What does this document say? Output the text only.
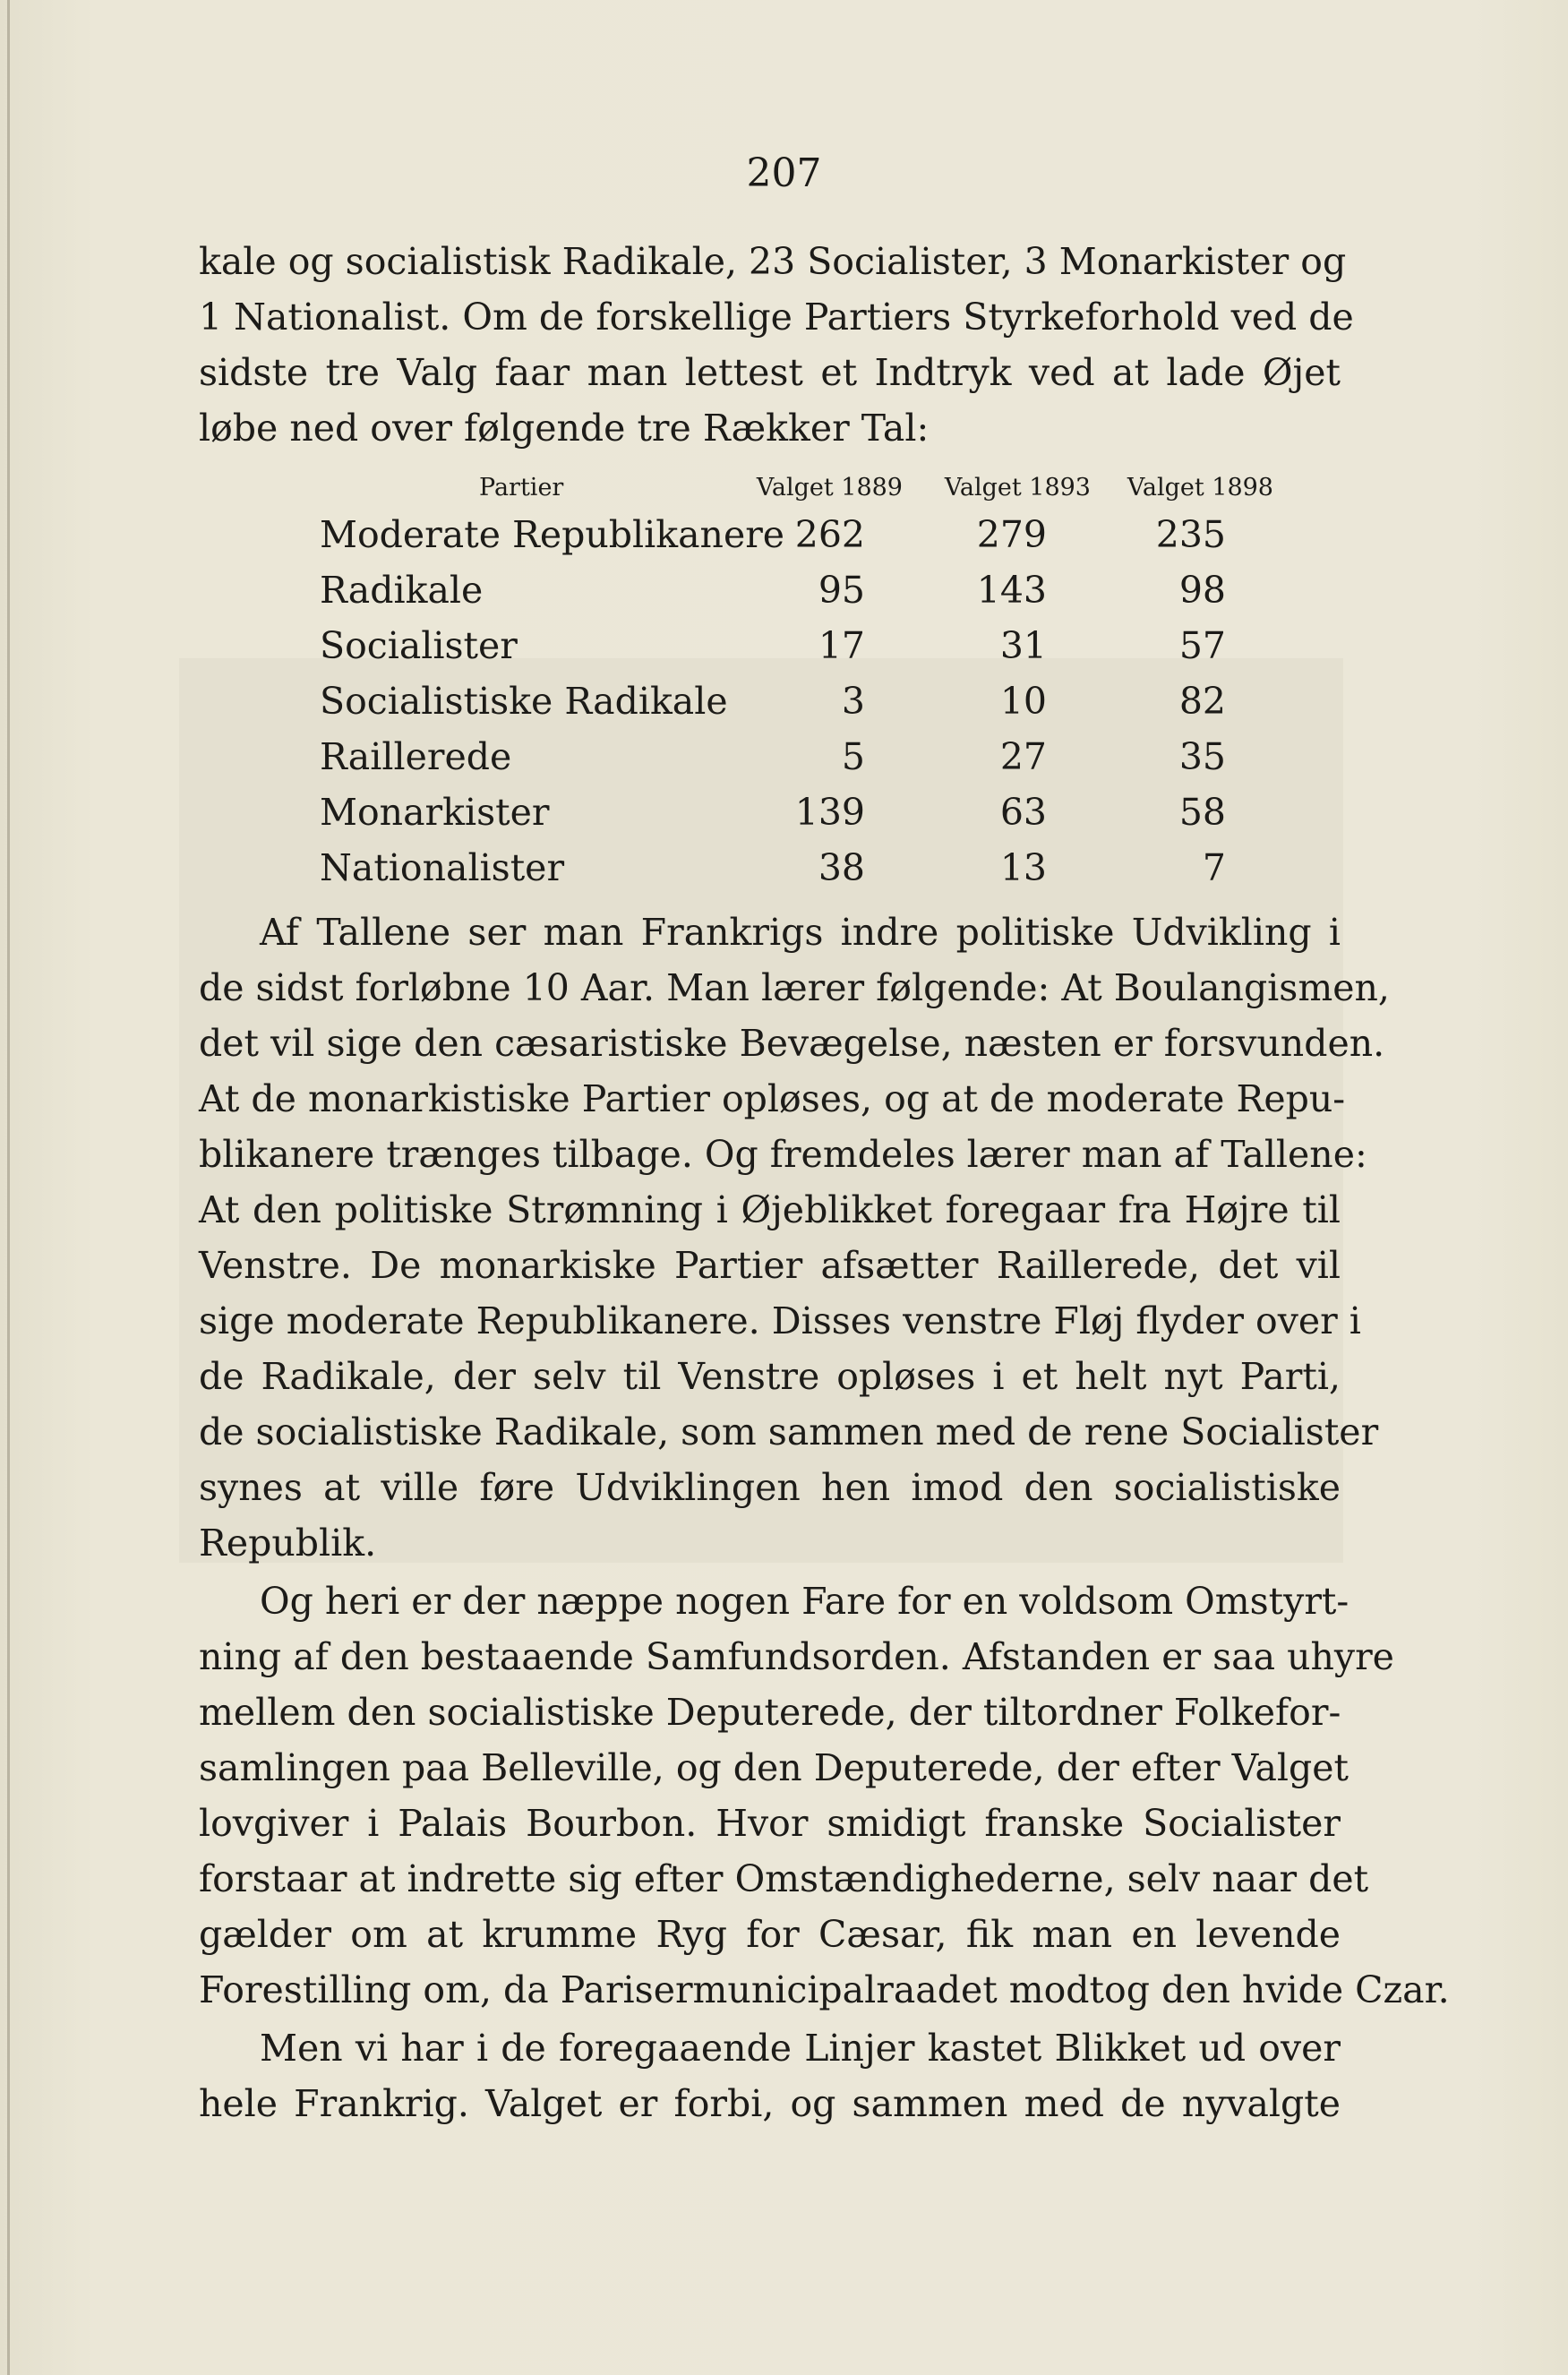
207
kale og socialistisk Radikale, 23 Socialister, 3 Monarkister og
1 Nationalist. Om de forskellige Partiers Styrkeforhold ved de
sidste tre Valg faar man lettest et Indtryk ved at lade Øjet
løbe ned over følgende tre Rækker Tal:
Partier	Valget 1889	Valget 1893	Valget 1898
Moderate Republikanere 262	279	235
Radikale	95	143	98
Socialister	17	31	57
Socialistiske Radikale	3	10	82
Raillerede	5	27	35
Monarkister	139	63	58
Nationalister	38	13	7
Af Tallene ser man Frankrigs indre politiske Udvikling i
de sidst forløbne 10 Aar. Man lærer følgende: At Boulangismen,
det vil sige den cæsaristiske Bevægelse, næsten er forsvunden.
At de monarkistiske Partier opløses, og at de moderate Repu-
blikanere trænges tilbage. Og fremdeles lærer man af Tallene:
At den politiske Strømning i Øjeblikket foregaar fra Højre til
Venstre. De monarkiske Partier afsætter Raillerede, det vil
sige moderate Republikanere. Disses venstre Fløj flyder over i
de Radikale, der selv til Venstre opløses i et helt nyt Parti,
de socialistiske Radikale, som sammen med de rene Socialister
synes at ville føre Udviklingen hen imod den socialistiske
Republik.
Og heri er der næppe nogen Fare for en voldsom Omstyrt-
ning af den bestaaende Samfundsorden. Afstanden er saa uhyre
mellem den socialistiske Deputerede, der tiltordner Folkefor-
samlingen paa Belleville, og den Deputerede, der efter Valget
lovgiver i Palais Bourbon. Hvor smidigt franske Socialister
forstaar at indrette sig efter Omstændighederne, selv naar det
gælder om at krumme Ryg for Cæsar, fik man en levende
Forestilling om, da Parisermunicipalraadet modtog den hvide Czar.
Men vi har i de foregaaende Linjer kastet Blikket ud over
hele Frankrig. Valget er forbi, og sammen med de nyvalgte
